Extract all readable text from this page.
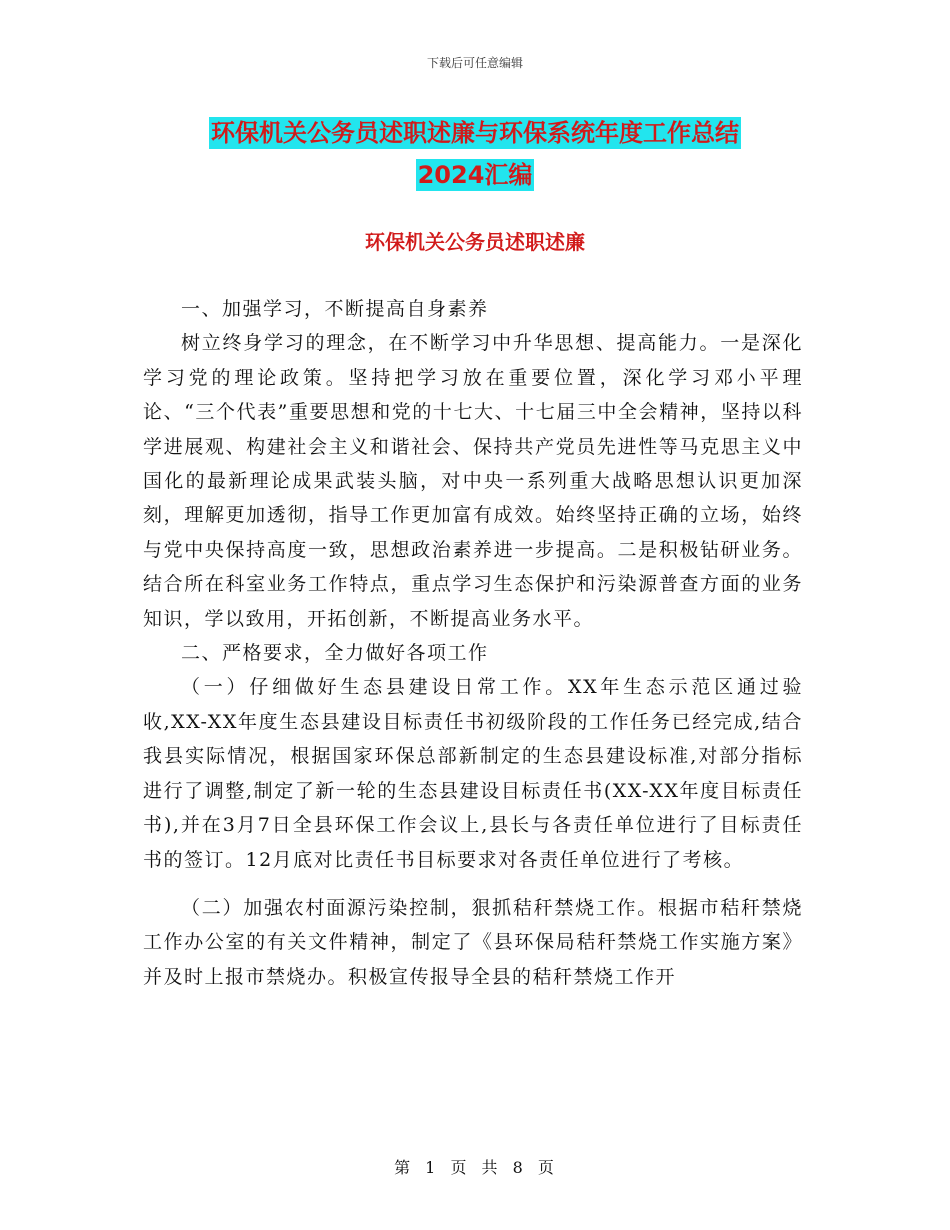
下载后可任意编辑
环保机关公务员述职述廉与环保系统年度工作总结
2024汇编
环保机关公务员述职述廉

一、加强学习，不断提高自身素养

树立终身学习的理念，在不断学习中升华思想、提高能力。一是深化学习党的理论政策。坚持把学习放在重要位置，深化学习邓小平理论、“三个代表”重要思想和党的十七大、十七届三中全会精神，坚持以科学进展观、构建社会主义和谐社会、保持共产党员先进性等马克思主义中国化的最新理论成果武装头脑，对中央一系列重大战略思想认识更加深刻，理解更加透彻，指导工作更加富有成效。始终坚持正确的立场，始终与党中央保持高度一致，思想政治素养进一步提高。二是积极钻研业务。结合所在科室业务工作特点，重点学习生态保护和污染源普查方面的业务知识，学以致用，开拓创新，不断提高业务水平。

二、严格要求，全力做好各项工作

（一）仔细做好生态县建设日常工作。XX年生态示范区通过验收,XX-XX年度生态县建设目标责任书初级阶段的工作任务已经完成,结合我县实际情况，根据国家环保总部新制定的生态县建设标准,对部分指标进行了调整,制定了新一轮的生态县建设目标责任书(XX-XX年度目标责任书),并在3月7日全县环保工作会议上,县长与各责任单位进行了目标责任书的签订。12月底对比责任书目标要求对各责任单位进行了考核。

（二）加强农村面源污染控制，狠抓秸秆禁烧工作。根据市秸秆禁烧工作办公室的有关文件精神，制定了《县环保局秸秆禁烧工作实施方案》并及时上报市禁烧办。积极宣传报导全县的秸秆禁烧工作开

第 1 页 共 8 页
